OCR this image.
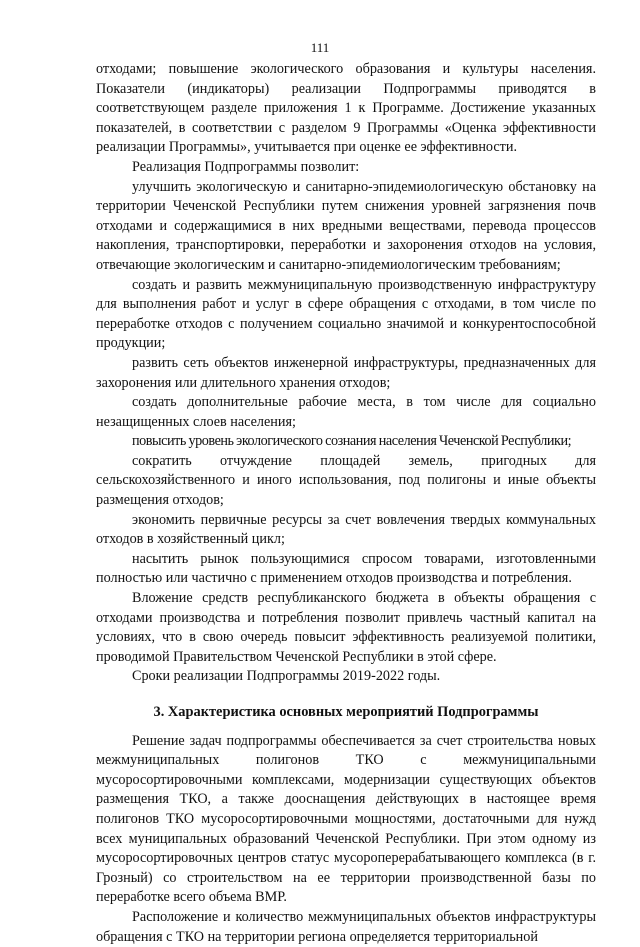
111

отходами; повышение экологического образования и культуры населения. Показатели (индикаторы) реализации Подпрограммы приводятся в соответствующем разделе приложения 1 к Программе. Достижение указанных показателей, в соответствии с разделом 9 Программы «Оценка эффективности реализации Программы», учитывается при оценке ее эффективности.

Реализация Подпрограммы позволит:

улучшить экологическую и санитарно-эпидемиологическую обстановку на территории Чеченской Республики путем снижения уровней загрязнения почв отходами и содержащимися в них вредными веществами, перевода процессов накопления, транспортировки, переработки и захоронения отходов на условия, отвечающие экологическим и санитарно-эпидемиологическим требованиям;

создать и развить межмуниципальную производственную инфраструктуру для выполнения работ и услуг в сфере обращения с отходами, в том числе по переработке отходов с получением социально значимой и конкурентоспособной продукции;

развить сеть объектов инженерной инфраструктуры, предназначенных для захоронения или длительного хранения отходов;

создать дополнительные рабочие места, в том числе для социально незащищенных слоев населения;

повысить уровень экологического сознания населения Чеченской Республики;

сократить отчуждение площадей земель, пригодных для сельскохозяйственного и иного использования, под полигоны и иные объекты размещения отходов;

экономить первичные ресурсы за счет вовлечения твердых коммунальных отходов в хозяйственный цикл;

насытить рынок пользующимися спросом товарами, изготовленными полностью или частично с применением отходов производства и потребления.

Вложение средств республиканского бюджета в объекты обращения с отходами производства и потребления позволит привлечь частный капитал на условиях, что в свою очередь повысит эффективность реализуемой политики, проводимой Правительством Чеченской Республики в этой сфере.

Сроки реализации Подпрограммы 2019-2022 годы.

3. Характеристика основных мероприятий Подпрограммы

Решение задач подпрограммы обеспечивается за счет строительства новых межмуниципальных полигонов ТКО с межмуниципальными мусоросортировочными комплексами, модернизации существующих объектов размещения ТКО, а также дооснащения действующих в настоящее время полигонов ТКО мусоросортировочными мощностями, достаточными для нужд всех муниципальных образований Чеченской Республики. При этом одному из мусоросортировочных центров статус мусороперерабатывающего комплекса (в г. Грозный) со строительством на ее территории производственной базы по переработке всего объема ВМР.

Расположение и количество межмуниципальных объектов инфраструктуры обращения с ТКО на территории региона определяется территориальной
